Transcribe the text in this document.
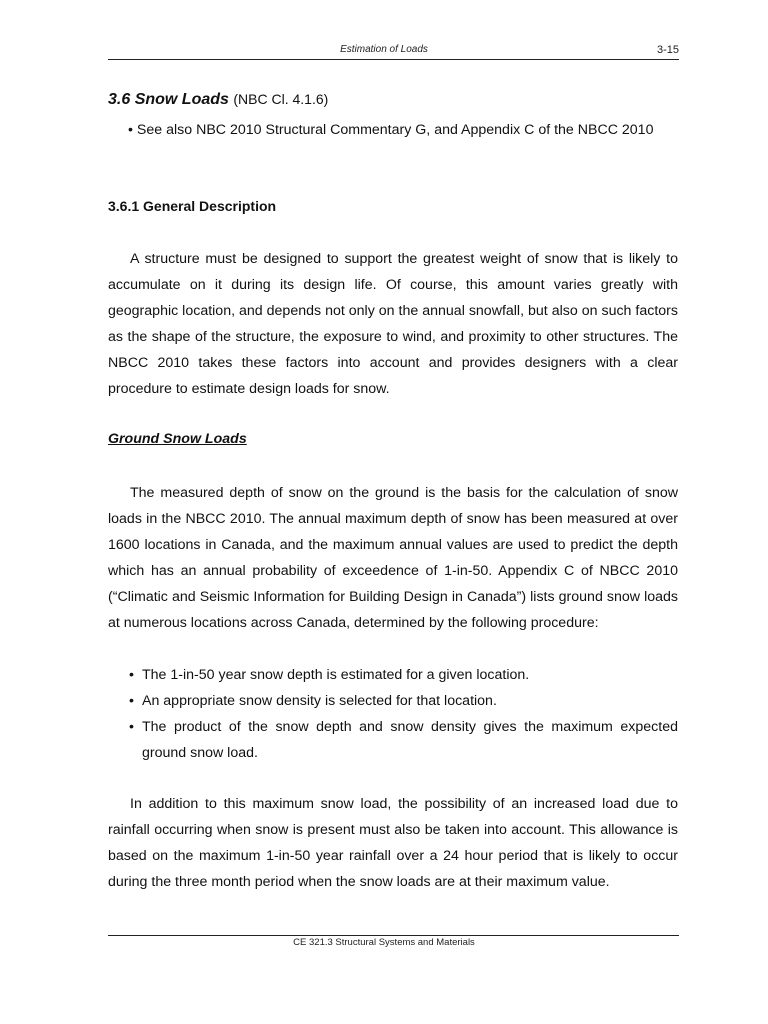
Estimation of Loads	3-15
3.6 Snow Loads (NBC Cl. 4.1.6)
• See also NBC 2010 Structural Commentary G, and Appendix C of the NBCC 2010
3.6.1 General Description

A structure must be designed to support the greatest weight of snow that is likely to accumulate on it during its design life. Of course, this amount varies greatly with geographic location, and depends not only on the annual snowfall, but also on such factors as the shape of the structure, the exposure to wind, and proximity to other structures. The NBCC 2010 takes these factors into account and provides designers with a clear procedure to estimate design loads for snow.

Ground Snow Loads

The measured depth of snow on the ground is the basis for the calculation of snow loads in the NBCC 2010. The annual maximum depth of snow has been measured at over 1600 locations in Canada, and the maximum annual values are used to predict the depth which has an annual probability of exceedence of 1-in-50. Appendix C of NBCC 2010 (“Climatic and Seismic Information for Building Design in Canada”) lists ground snow loads at numerous locations across Canada, determined by the following procedure:

• The 1-in-50 year snow depth is estimated for a given location.
• An appropriate snow density is selected for that location.
• The product of the snow depth and snow density gives the maximum expected ground snow load.

In addition to this maximum snow load, the possibility of an increased load due to rainfall occurring when snow is present must also be taken into account. This allowance is based on the maximum 1-in-50 year rainfall over a 24 hour period that is likely to occur during the three month period when the snow loads are at their maximum value.

CE 321.3 Structural Systems and Materials
